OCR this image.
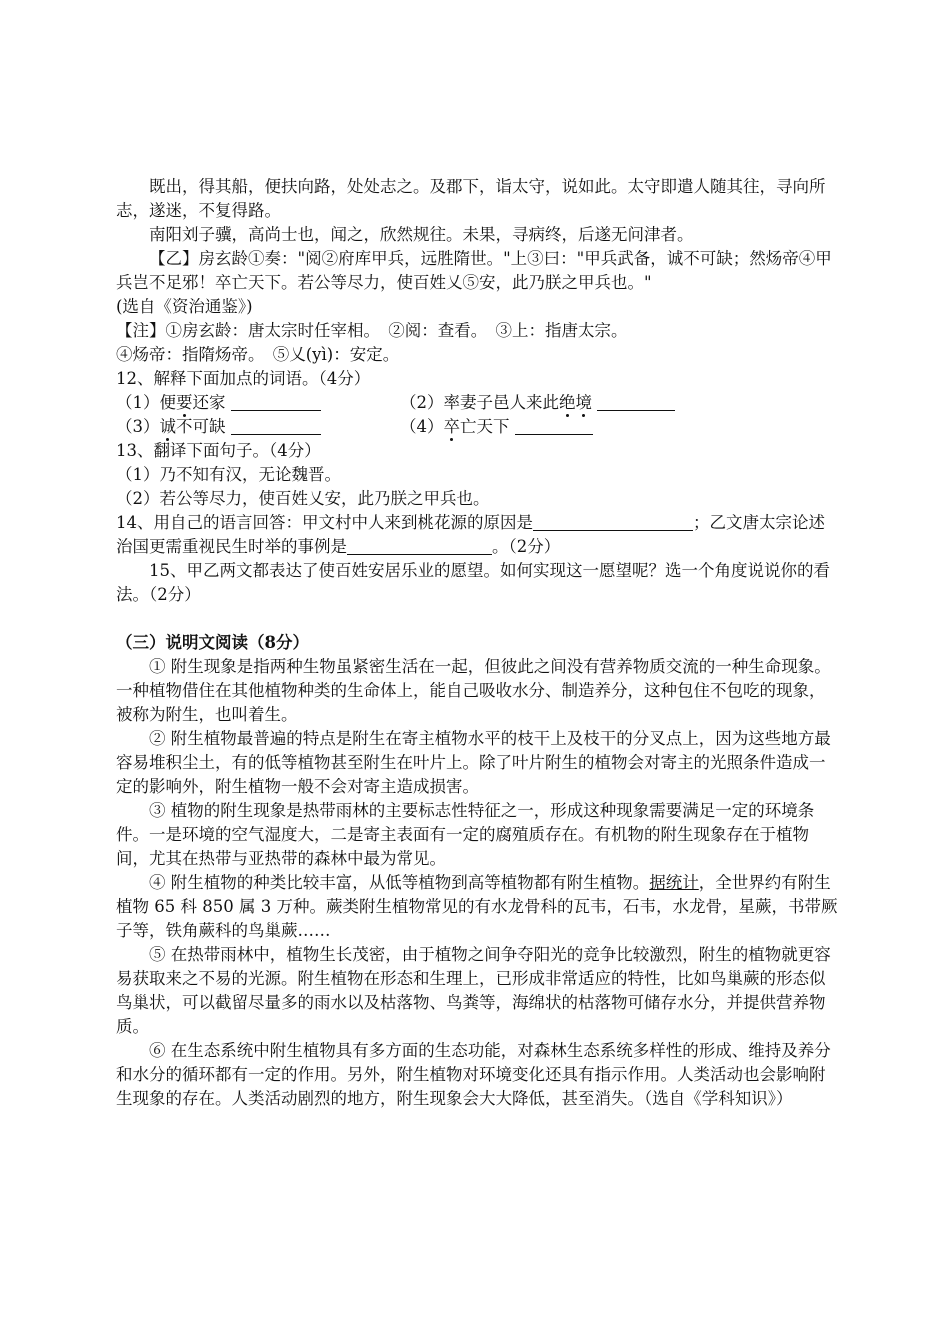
既出，得其船，便扶向路，处处志之。及郡下，诣太守，说如此。太守即遣人随其往，寻向所志，遂迷，不复得路。

南阳刘子骥，高尚士也，闻之，欣然规往。未果，寻病终，后遂无问津者。

【乙】房玄龄①奏："阅②府库甲兵，远胜隋世。"上③曰："甲兵武备，诚不可缺；然炀帝④甲兵岂不足邪！卒亡天下。若公等尽力，使百姓乂⑤安，此乃朕之甲兵也。"

(选自《资治通鉴》)

【注】①房玄龄：唐太宗时任宰相。　②阅：查看。　③上：指唐太宗。

④炀帝：指隋炀帝。　⑤乂(yì)：安定。

12、解释下面加点的词语。（4分）

（1）便要还家	（2）率妻子邑人来此绝境
（3）诚不可缺	（4）卒亡天下

13、翻译下面句子。（4分）

（1）乃不知有汉，无论魏晋。

（2）若公等尽力，使百姓乂安，此乃朕之甲兵也。

14、用自己的语言回答：甲文村中人来到桃花源的原因是	；乙文唐太宗论述治国更需重视民生时举的事例是	。（2分）

15、甲乙两文都表达了使百姓安居乐业的愿望。如何实现这一愿望呢？选一个角度说说你的看法。（2分）

（三）说明文阅读（8分）

① 附生现象是指两种生物虽紧密生活在一起，但彼此之间没有营养物质交流的一种生命现象。一种植物借住在其他植物种类的生命体上，能自己吸收水分、制造养分，这种包住不包吃的现象，被称为附生，也叫着生。

② 附生植物最普遍的特点是附生在寄主植物水平的枝干上及枝干的分叉点上，因为这些地方最容易堆积尘土，有的低等植物甚至附生在叶片上。除了叶片附生的植物会对寄主的光照条件造成一定的影响外，附生植物一般不会对寄主造成损害。

③ 植物的附生现象是热带雨林的主要标志性特征之一，形成这种现象需要满足一定的环境条件。一是环境的空气湿度大，二是寄主表面有一定的腐殖质存在。有机物的附生现象存在于植物间，尤其在热带与亚热带的森林中最为常见。

④ 附生植物的种类比较丰富，从低等植物到高等植物都有附生植物。据统计，全世界约有附生植物 65 科 850 属 3 万种。蕨类附生植物常见的有水龙骨科的瓦韦，石韦，水龙骨，星蕨，书带厥子等，铁角蕨科的鸟巢蕨……

⑤ 在热带雨林中，植物生长茂密，由于植物之间争夺阳光的竞争比较激烈，附生的植物就更容易获取来之不易的光源。附生植物在形态和生理上，已形成非常适应的特性，比如鸟巢蕨的形态似鸟巢状，可以截留尽量多的雨水以及枯落物、鸟粪等，海绵状的枯落物可储存水分，并提供营养物质。

⑥ 在生态系统中附生植物具有多方面的生态功能，对森林生态系统多样性的形成、维持及养分和水分的循环都有一定的作用。另外，附生植物对环境变化还具有指示作用。人类活动也会影响附生现象的存在。人类活动剧烈的地方，附生现象会大大降低，甚至消失。（选自《学科知识》）
